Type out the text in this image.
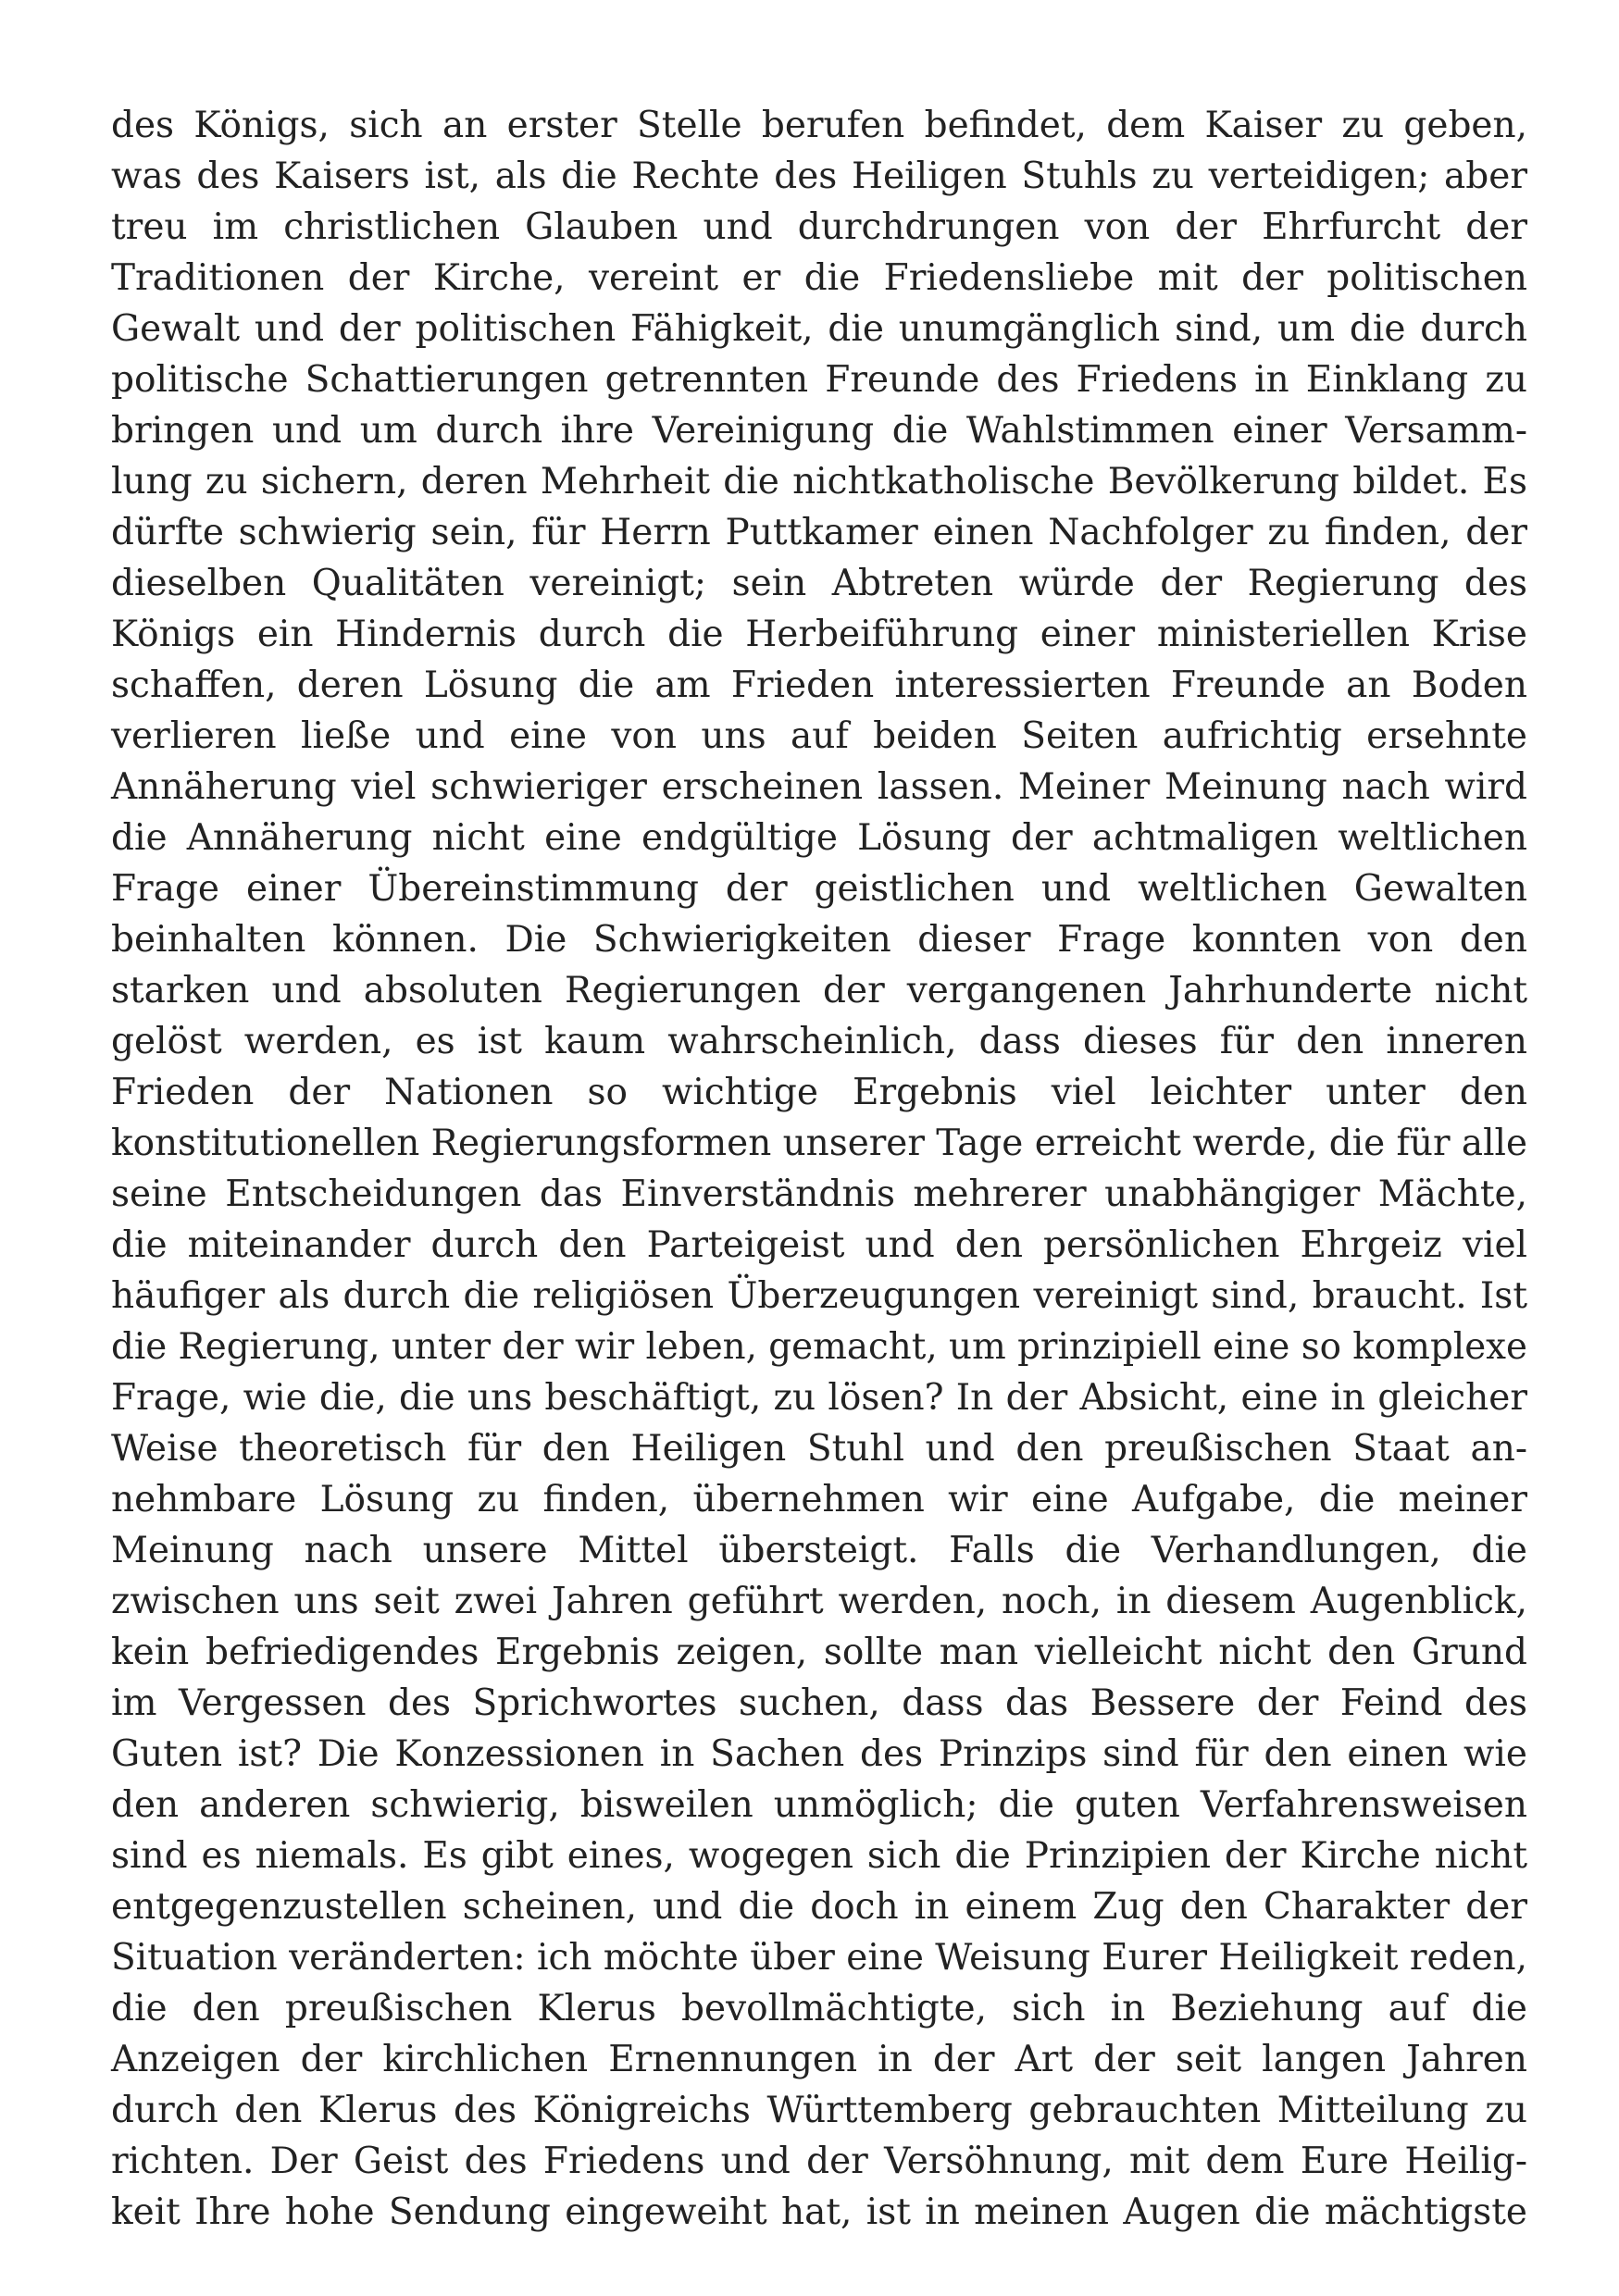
des Königs, sich an erster Stelle berufen befindet, dem Kaiser zu geben,
was des Kaisers ist, als die Rechte des Heiligen Stuhls zu verteidigen; aber
treu im christlichen Glauben und durchdrungen von der Ehrfurcht der
Traditionen der Kirche, vereint er die Friedensliebe mit der politischen
Gewalt und der politischen Fähigkeit, die unumgänglich sind, um die durch
politische Schattierungen getrennten Freunde des Friedens in Einklang zu
bringen und um durch ihre Vereinigung die Wahlstimmen einer Versamm-
lung zu sichern, deren Mehrheit die nichtkatholische Bevölkerung bildet. Es
dürfte schwierig sein, für Herrn Puttkamer einen Nachfolger zu finden, der
dieselben Qualitäten vereinigt; sein Abtreten würde der Regierung des
Königs ein Hindernis durch die Herbeiführung einer ministeriellen Krise
schaffen, deren Lösung die am Frieden interessierten Freunde an Boden
verlieren ließe und eine von uns auf beiden Seiten aufrichtig ersehnte
Annäherung viel schwieriger erscheinen lassen. Meiner Meinung nach wird
die Annäherung nicht eine endgültige Lösung der achtmaligen weltlichen
Frage einer Übereinstimmung der geistlichen und weltlichen Gewalten
beinhalten können. Die Schwierigkeiten dieser Frage konnten von den
starken und absoluten Regierungen der vergangenen Jahrhunderte nicht
gelöst werden, es ist kaum wahrscheinlich, dass dieses für den inneren
Frieden der Nationen so wichtige Ergebnis viel leichter unter den
konstitutionellen Regierungsformen unserer Tage erreicht werde, die für alle
seine Entscheidungen das Einverständnis mehrerer unabhängiger Mächte,
die miteinander durch den Parteigeist und den persönlichen Ehrgeiz viel
häufiger als durch die religiösen Überzeugungen vereinigt sind, braucht. Ist
die Regierung, unter der wir leben, gemacht, um prinzipiell eine so komplexe
Frage, wie die, die uns beschäftigt, zu lösen? In der Absicht, eine in gleicher
Weise theoretisch für den Heiligen Stuhl und den preußischen Staat an-
nehmbare Lösung zu finden, übernehmen wir eine Aufgabe, die meiner
Meinung nach unsere Mittel übersteigt. Falls die Verhandlungen, die
zwischen uns seit zwei Jahren geführt werden, noch, in diesem Augenblick,
kein befriedigendes Ergebnis zeigen, sollte man vielleicht nicht den Grund
im Vergessen des Sprichwortes suchen, dass das Bessere der Feind des
Guten ist? Die Konzessionen in Sachen des Prinzips sind für den einen wie
den anderen schwierig, bisweilen unmöglich; die guten Verfahrensweisen
sind es niemals. Es gibt eines, wogegen sich die Prinzipien der Kirche nicht
entgegenzustellen scheinen, und die doch in einem Zug den Charakter der
Situation veränderten: ich möchte über eine Weisung Eurer Heiligkeit reden,
die den preußischen Klerus bevollmächtigte, sich in Beziehung auf die
Anzeigen der kirchlichen Ernennungen in der Art der seit langen Jahren
durch den Klerus des Königreichs Württemberg gebrauchten Mitteilung zu
richten. Der Geist des Friedens und der Versöhnung, mit dem Eure Heilig-
keit Ihre hohe Sendung eingeweiht hat, ist in meinen Augen die mächtigste
